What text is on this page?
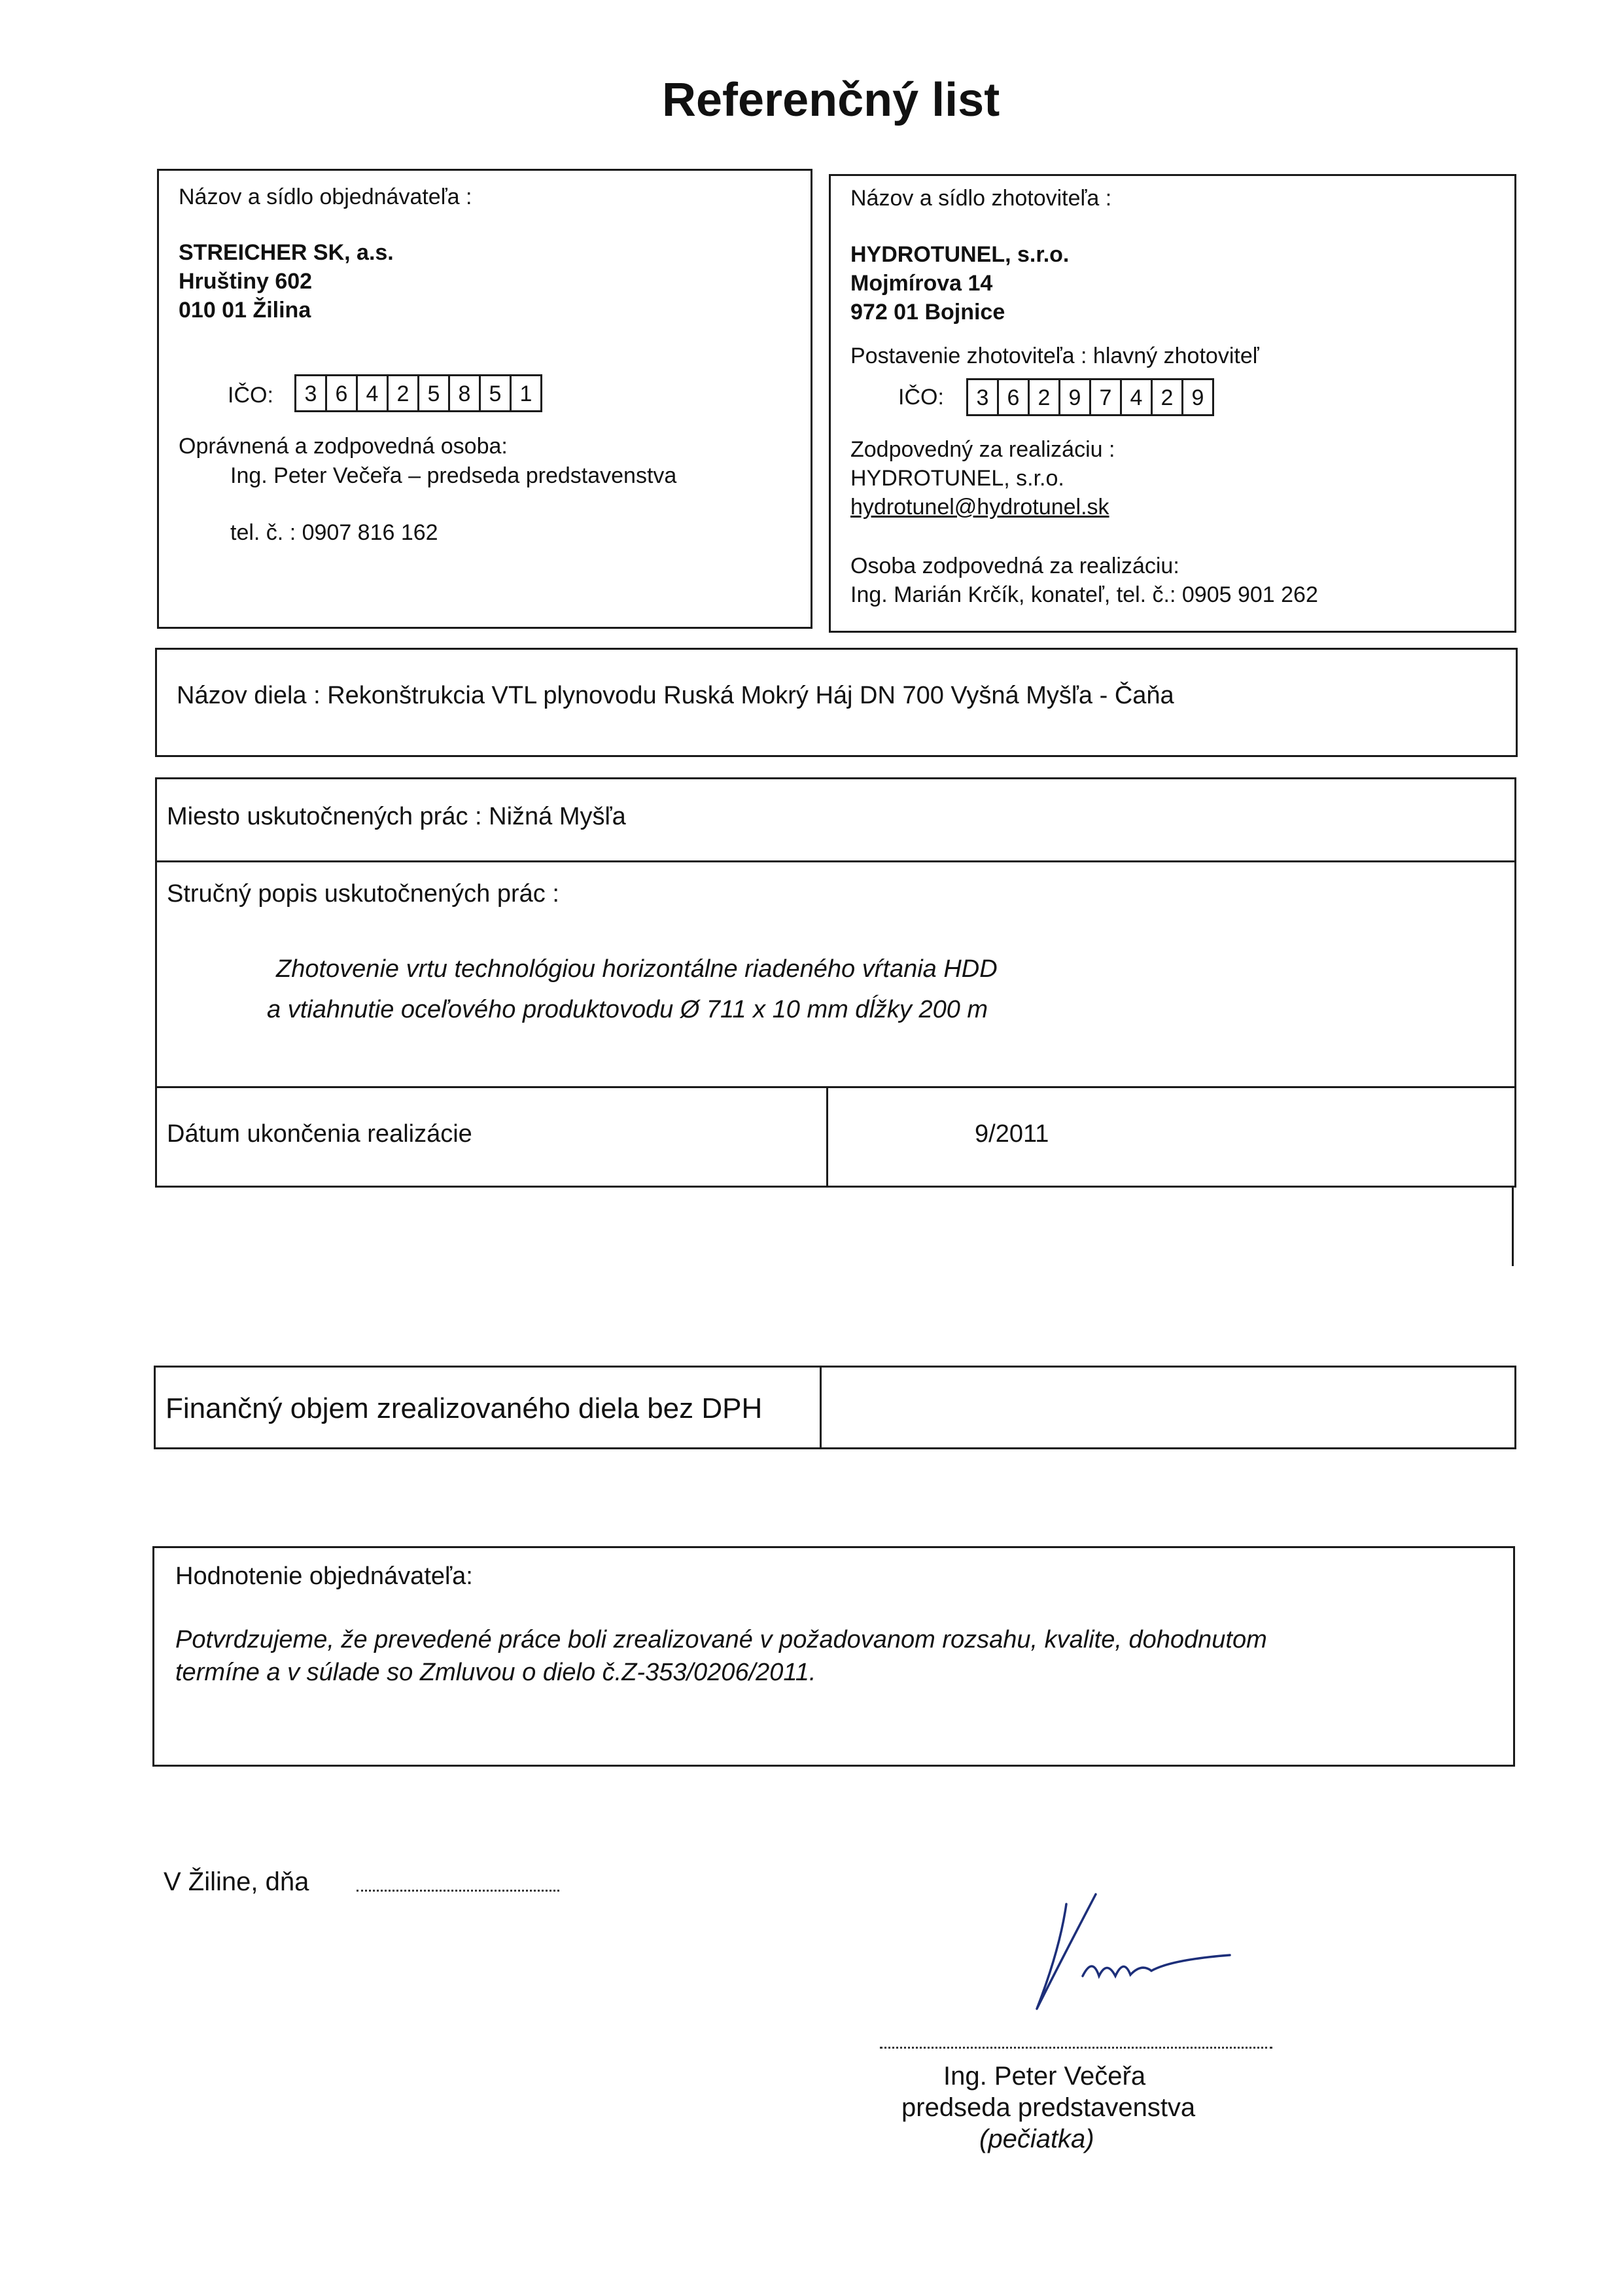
Referenčný list
Názov a sídlo objednávateľa :
STREICHER SK, a.s.
Hruštiny 602
010 01 Žilina
IČO:	3 6 4 2 5 8 5 1
Oprávnená a zodpovedná osoba:
Ing. Peter Večeřa – predseda predstavenstva
tel. č. : 0907 816 162
Názov a sídlo zhotoviteľa :
HYDROTUNEL, s.r.o.
Mojmírova 14
972 01 Bojnice
Postavenie zhotoviteľa : hlavný zhotoviteľ
IČO:	3 6 2 9 7 4 2 9
Zodpovedný za realizáciu :
HYDROTUNEL, s.r.o.
hydrotunel@hydrotunel.sk
Osoba zodpovedná za realizáciu:
Ing. Marián Krčík, konateľ, tel. č.: 0905 901 262
Názov diela : Rekonštrukcia VTL plynovodu Ruská Mokrý Háj DN 700 Vyšná Myšľa - Čaňa
Miesto uskutočnených prác : Nižná Myšľa
Stručný popis uskutočnených prác :
Zhotovenie vrtu technológiou horizontálne riadeného vŕtania HDD
a vtiahnutie oceľového produktovodu Ø 711 x 10 mm dĺžky 200 m
Dátum ukončenia realizácie	9/2011
Finančný objem zrealizovaného diela bez DPH
Hodnotenie objednávateľa:
Potvrdzujeme, že prevedené práce boli zrealizované v požadovanom rozsahu, kvalite, dohodnutom
termíne a v súlade so Zmluvou o dielo č.Z-353/0206/2011.
V Žiline, dňa
Ing. Peter Večeřa
predseda predstavenstva
(pečiatka)
